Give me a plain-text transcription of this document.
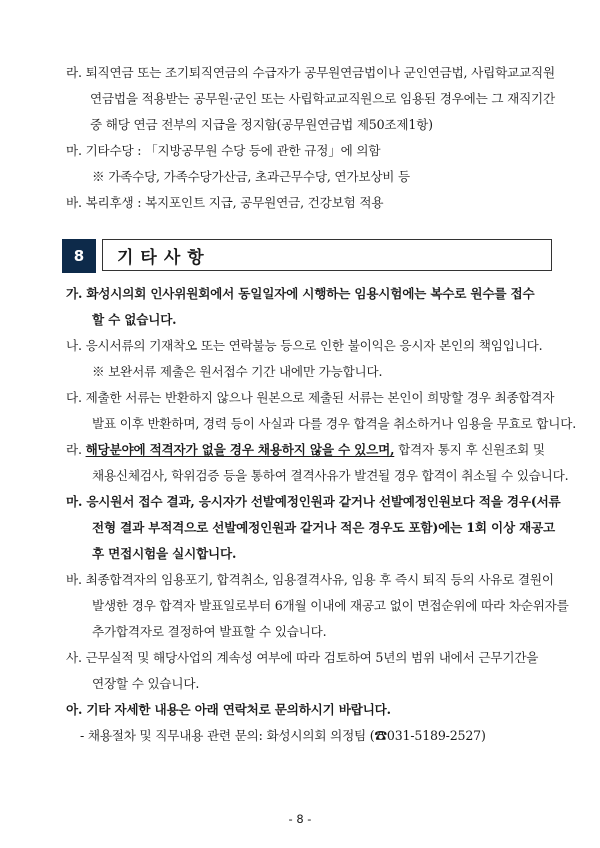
라. 퇴직연금 또는 조기퇴직연금의 수급자가 공무원연금법이나 군인연금법, 사립학교교직원
연금법을 적용받는 공무원·군인 또는 사립학교교직원으로 임용된 경우에는 그 재직기간
중 해당 연금 전부의 지급을 정지함(공무원연금법 제50조제1항)
마. 기타수당 : 「지방공무원 수당 등에 관한 규정」에 의함
※ 가족수당, 가족수당가산금, 초과근무수당, 연가보상비 등
바. 복리후생 : 복지포인트 지급, 공무원연금, 건강보험 적용
8	기타사항
가. 화성시의회 인사위원회에서 동일일자에 시행하는 임용시험에는 복수로 원수를 접수
할 수 없습니다.
나. 응시서류의 기재착오 또는 연락불능 등으로 인한 불이익은 응시자 본인의 책임입니다.
※ 보완서류 제출은 원서접수 기간 내에만 가능합니다.
다. 제출한 서류는 반환하지 않으나 원본으로 제출된 서류는 본인이 희망할 경우 최종합격자
발표 이후 반환하며, 경력 등이 사실과 다를 경우 합격을 취소하거나 임용을 무효로 합니다.
라. 해당분야에 적격자가 없을 경우 채용하지 않을 수 있으며, 합격자 통지 후 신원조회 및
채용신체검사, 학위검증 등을 통하여 결격사유가 발견될 경우 합격이 취소될 수 있습니다.
마. 응시원서 접수 결과, 응시자가 선발예정인원과 같거나 선발예정인원보다 적을 경우(서류
전형 결과 부적격으로 선발예정인원과 같거나 적은 경우도 포함)에는 1회 이상 재공고
후 면접시험을 실시합니다.
바. 최종합격자의 임용포기, 합격취소, 임용결격사유, 임용 후 즉시 퇴직 등의 사유로 결원이
발생한 경우 합격자 발표일로부터 6개월 이내에 재공고 없이 면접순위에 따라 차순위자를
추가합격자로 결정하여 발표할 수 있습니다.
사. 근무실적 및 해당사업의 계속성 여부에 따라 검토하여 5년의 범위 내에서 근무기간을
연장할 수 있습니다.
아. 기타 자세한 내용은 아래 연락처로 문의하시기 바랍니다.
- 채용절차 및 직무내용 관련 문의: 화성시의회 의정팀 (☎031-5189-2527)
- 8 -
